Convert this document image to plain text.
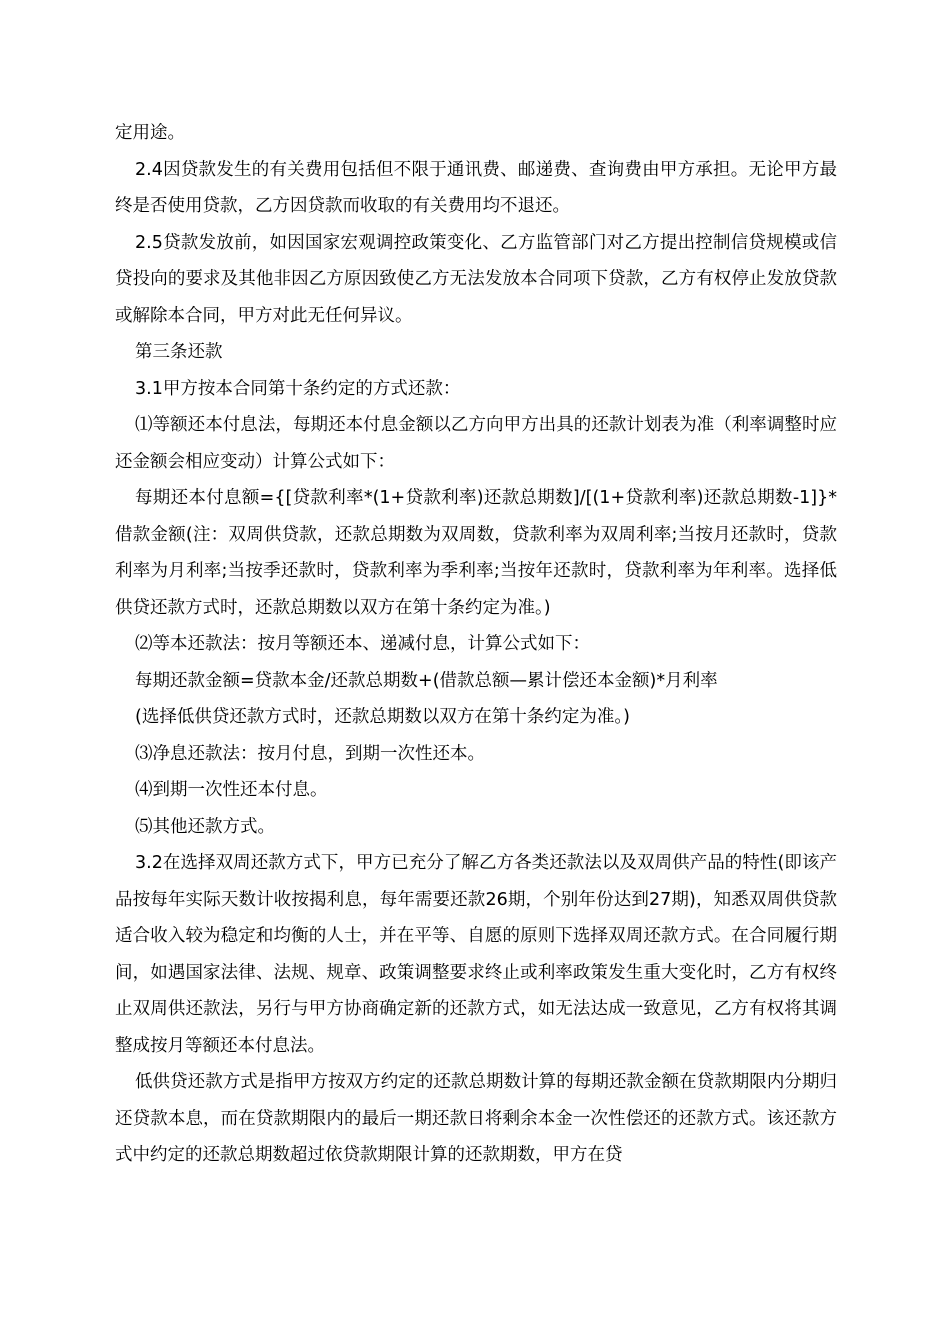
定用途。

2.4因贷款发生的有关费用包括但不限于通讯费、邮递费、查询费由甲方承担。无论甲方最终是否使用贷款，乙方因贷款而收取的有关费用均不退还。

2.5贷款发放前，如因国家宏观调控政策变化、乙方监管部门对乙方提出控制信贷规模或信贷投向的要求及其他非因乙方原因致使乙方无法发放本合同项下贷款，乙方有权停止发放贷款或解除本合同，甲方对此无任何异议。

第三条还款

3.1甲方按本合同第十条约定的方式还款：

⑴等额还本付息法，每期还本付息金额以乙方向甲方出具的还款计划表为准（利率调整时应还金额会相应变动）计算公式如下：

每期还本付息额={[贷款利率*(1+贷款利率)还款总期数]/[(1+贷款利率)还款总期数-1]}*借款金额(注：双周供贷款，还款总期数为双周数，贷款利率为双周利率;当按月还款时，贷款利率为月利率;当按季还款时，贷款利率为季利率;当按年还款时，贷款利率为年利率。选择低供贷还款方式时，还款总期数以双方在第十条约定为准。)

⑵等本还款法：按月等额还本、递减付息，计算公式如下：

每期还款金额=贷款本金/还款总期数+(借款总额—累计偿还本金额)*月利率

(选择低供贷还款方式时，还款总期数以双方在第十条约定为准。)

⑶净息还款法：按月付息，到期一次性还本。

⑷到期一次性还本付息。

⑸其他还款方式。

3.2在选择双周还款方式下，甲方已充分了解乙方各类还款法以及双周供产品的特性(即该产品按每年实际天数计收按揭利息，每年需要还款26期，个别年份达到27期)，知悉双周供贷款适合收入较为稳定和均衡的人士，并在平等、自愿的原则下选择双周还款方式。在合同履行期间，如遇国家法律、法规、规章、政策调整要求终止或利率政策发生重大变化时，乙方有权终止双周供还款法，另行与甲方协商确定新的还款方式，如无法达成一致意见，乙方有权将其调整成按月等额还本付息法。

低供贷还款方式是指甲方按双方约定的还款总期数计算的每期还款金额在贷款期限内分期归还贷款本息，而在贷款期限内的最后一期还款日将剩余本金一次性偿还的还款方式。该还款方式中约定的还款总期数超过依贷款期限计算的还款期数，甲方在贷
